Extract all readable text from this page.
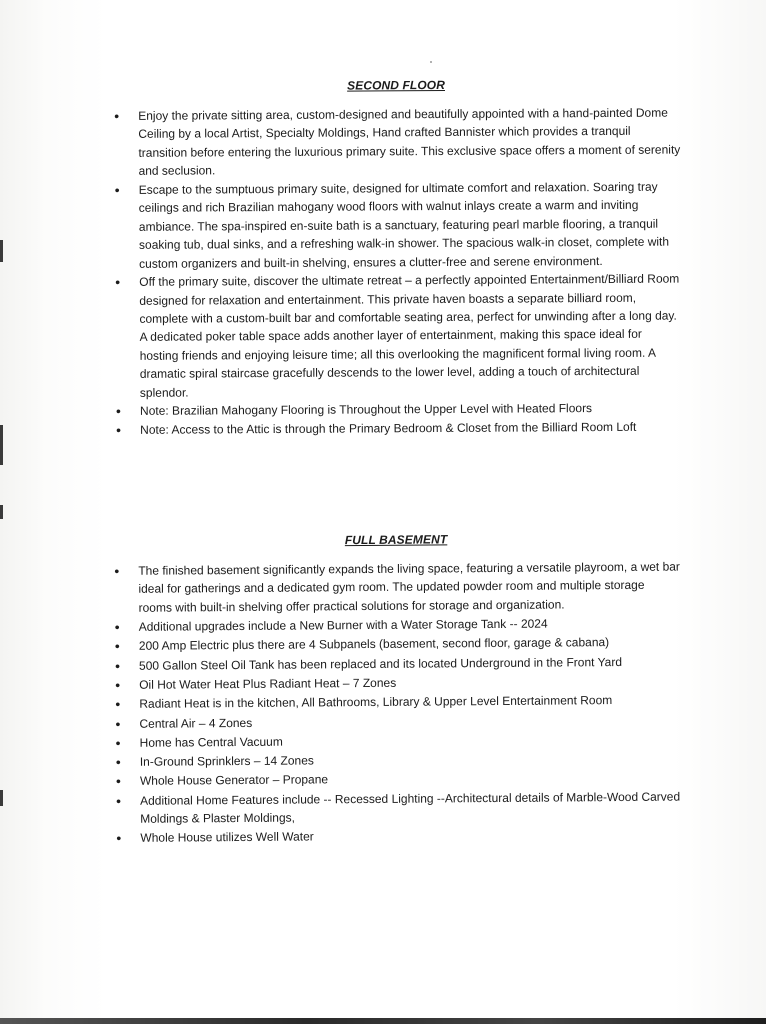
SECOND FLOOR
• Enjoy the private sitting area, custom-designed and beautifully appointed with a hand-painted Dome Ceiling by a local Artist, Specialty Moldings, Hand crafted Bannister which provides a tranquil transition before entering the luxurious primary suite. This exclusive space offers a moment of serenity and seclusion.
• Escape to the sumptuous primary suite, designed for ultimate comfort and relaxation. Soaring tray ceilings and rich Brazilian mahogany wood floors with walnut inlays create a warm and inviting ambiance. The spa-inspired en-suite bath is a sanctuary, featuring pearl marble flooring, a tranquil soaking tub, dual sinks, and a refreshing walk-in shower. The spacious walk-in closet, complete with custom organizers and built-in shelving, ensures a clutter-free and serene environment.
• Off the primary suite, discover the ultimate retreat – a perfectly appointed Entertainment/Billiard Room designed for relaxation and entertainment. This private haven boasts a separate billiard room, complete with a custom-built bar and comfortable seating area, perfect for unwinding after a long day. A dedicated poker table space adds another layer of entertainment, making this space ideal for hosting friends and enjoying leisure time; all this overlooking the magnificent formal living room. A dramatic spiral staircase gracefully descends to the lower level, adding a touch of architectural splendor.
• Note: Brazilian Mahogany Flooring is Throughout the Upper Level with Heated Floors
• Note: Access to the Attic is through the Primary Bedroom & Closet from the Billiard Room Loft
FULL BASEMENT
• The finished basement significantly expands the living space, featuring a versatile playroom, a wet bar ideal for gatherings and a dedicated gym room. The updated powder room and multiple storage rooms with built-in shelving offer practical solutions for storage and organization.
• Additional upgrades include a New Burner with a Water Storage Tank -- 2024
• 200 Amp Electric plus there are 4 Subpanels (basement, second floor, garage & cabana)
• 500 Gallon Steel Oil Tank has been replaced and its located Underground in the Front Yard
• Oil Hot Water Heat Plus Radiant Heat – 7 Zones
• Radiant Heat is in the kitchen, All Bathrooms, Library & Upper Level Entertainment Room
• Central Air – 4 Zones
• Home has Central Vacuum
• In-Ground Sprinklers – 14 Zones
• Whole House Generator – Propane
• Additional Home Features include -- Recessed Lighting --Architectural details of Marble-Wood Carved Moldings & Plaster Moldings,
• Whole House utilizes Well Water
